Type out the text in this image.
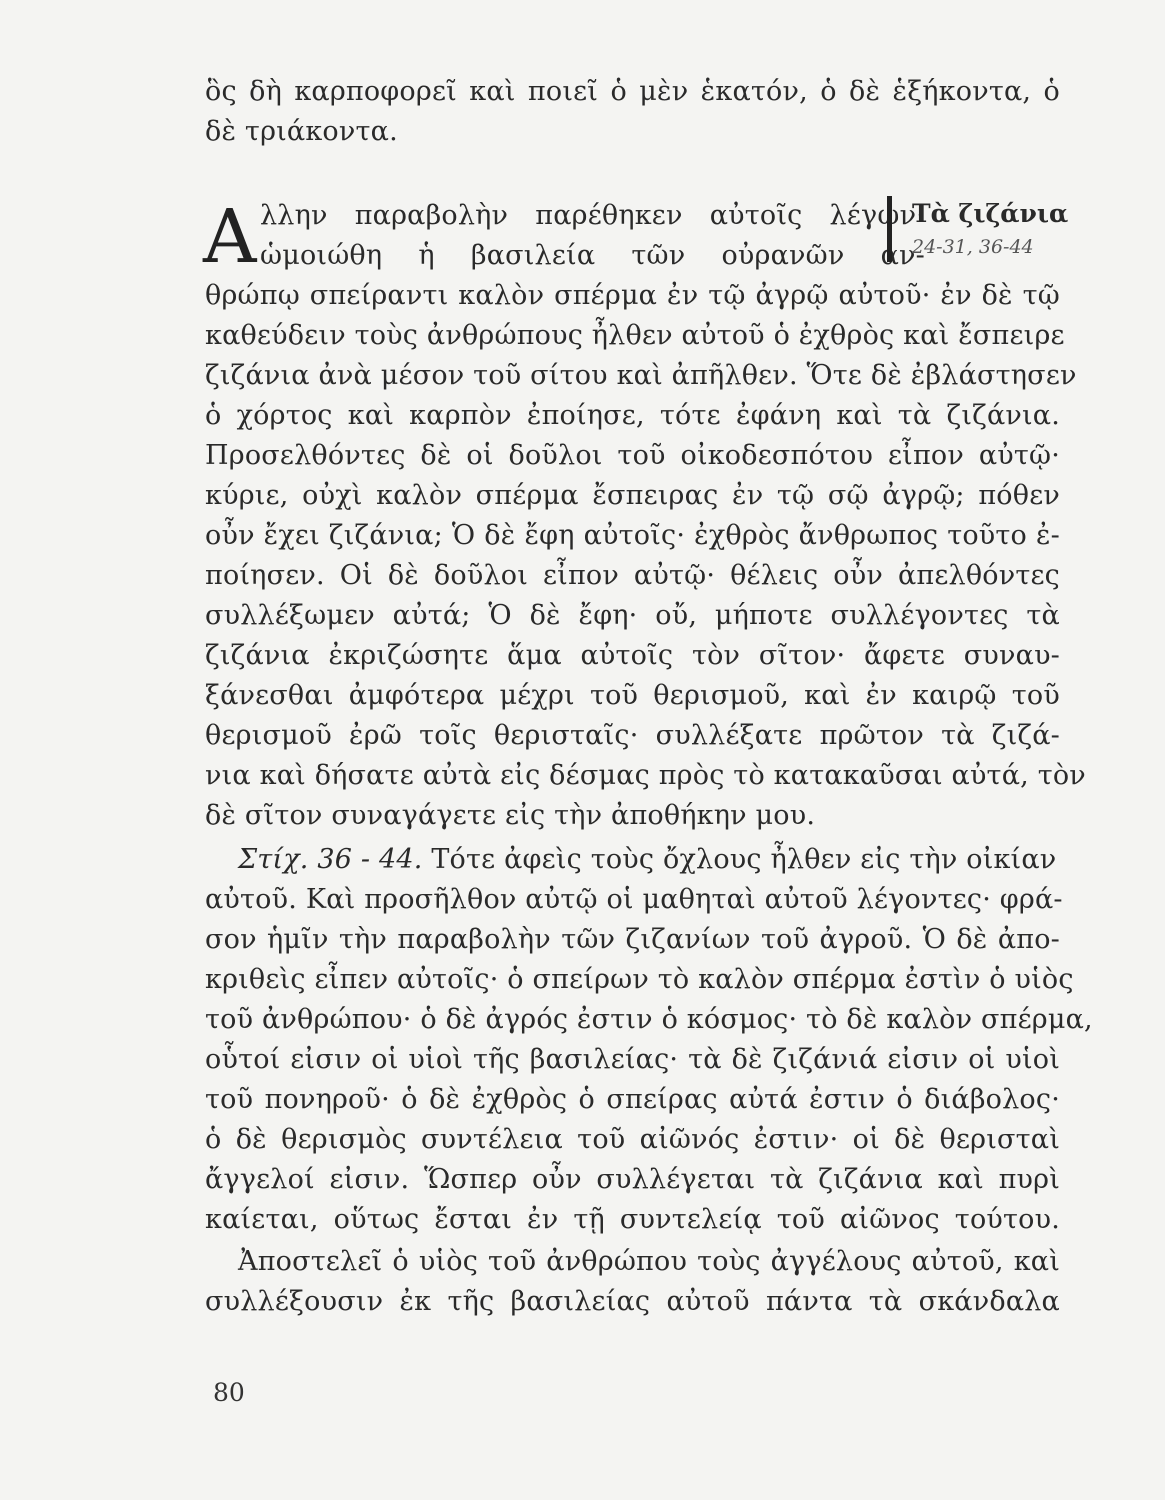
ὃς δὴ καρποφορεῖ καὶ ποιεῖ ὁ μὲν ἑκατόν, ὁ δὲ ἑξήκοντα, ὁ
δὲ τριάκοντα.
Α λλην παραβολὴν παρέθηκεν αὐτοῖς λέγων·
ὡμοιώθη ἡ βασιλεία τῶν οὐρανῶν ἀν-
Τὰ ζιζάνια
24-31, 36-44
θρώπῳ σπείραντι καλὸν σπέρμα ἐν τῷ ἀγρῷ αὐτοῦ· ἐν δὲ τῷ
καθεύδειν τοὺς ἀνθρώπους ἦλθεν αὐτοῦ ὁ ἐχθρὸς καὶ ἔσπειρε
ζιζάνια ἀνὰ μέσον τοῦ σίτου καὶ ἀπῆλθεν. Ὅτε δὲ ἐβλάστησεν
ὁ χόρτος καὶ καρπὸν ἐποίησε, τότε ἐφάνη καὶ τὰ ζιζάνια.
Προσελθόντες δὲ οἱ δοῦλοι τοῦ οἰκοδεσπότου εἶπον αὐτῷ·
κύριε, οὐχὶ καλὸν σπέρμα ἔσπειρας ἐν τῷ σῷ ἀγρῷ; πόθεν
οὖν ἔχει ζιζάνια; Ὁ δὲ ἔφη αὐτοῖς· ἐχθρὸς ἄνθρωπος τοῦτο ἐ-
ποίησεν. Οἱ δὲ δοῦλοι εἶπον αὐτῷ· θέλεις οὖν ἀπελθόντες
συλλέξωμεν αὐτά; Ὁ δὲ ἔφη· οὔ, μήποτε συλλέγοντες τὰ
ζιζάνια ἐκριζώσητε ἅμα αὐτοῖς τὸν σῖτον· ἄφετε συναυ-
ξάνεσθαι ἀμφότερα μέχρι τοῦ θερισμοῦ, καὶ ἐν καιρῷ τοῦ
θερισμοῦ ἐρῶ τοῖς θερισταῖς· συλλέξατε πρῶτον τὰ ζιζά-
νια καὶ δήσατε αὐτὰ εἰς δέσμας πρὸς τὸ κατακαῦσαι αὐτά, τὸν
δὲ σῖτον συναγάγετε εἰς τὴν ἀποθήκην μου.
Στίχ. 36 - 44. Τότε ἀφεὶς τοὺς ὄχλους ἦλθεν εἰς τὴν οἰκίαν
αὐτοῦ. Καὶ προσῆλθον αὐτῷ οἱ μαθηταὶ αὐτοῦ λέγοντες· φρά-
σον ἡμῖν τὴν παραβολὴν τῶν ζιζανίων τοῦ ἀγροῦ. Ὁ δὲ ἀπο-
κριθεὶς εἶπεν αὐτοῖς· ὁ σπείρων τὸ καλὸν σπέρμα ἐστὶν ὁ υἱὸς
τοῦ ἀνθρώπου· ὁ δὲ ἀγρός ἐστιν ὁ κόσμος· τὸ δὲ καλὸν σπέρμα,
οὗτοί εἰσιν οἱ υἱοὶ τῆς βασιλείας· τὰ δὲ ζιζάνιά εἰσιν οἱ υἱοὶ
τοῦ πονηροῦ· ὁ δὲ ἐχθρὸς ὁ σπείρας αὐτά ἐστιν ὁ διάβολος·
ὁ δὲ θερισμὸς συντέλεια τοῦ αἰῶνός ἐστιν· οἱ δὲ θερισταὶ
ἄγγελοί εἰσιν. Ὥσπερ οὖν συλλέγεται τὰ ζιζάνια καὶ πυρὶ
καίεται, οὕτως ἔσται ἐν τῇ συντελείᾳ τοῦ αἰῶνος τούτου.
Ἀποστελεῖ ὁ υἱὸς τοῦ ἀνθρώπου τοὺς ἀγγέλους αὐτοῦ, καὶ
συλλέξουσιν ἐκ τῆς βασιλείας αὐτοῦ πάντα τὰ σκάνδαλα
80
